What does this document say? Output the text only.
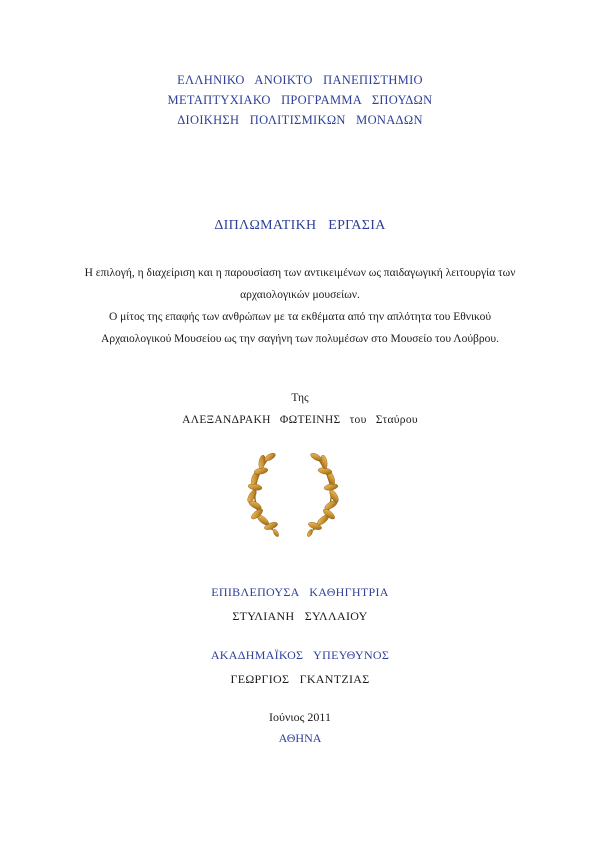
ΕΛΛΗΝΙΚΟ ΑΝΟΙΚΤΟ ΠΑΝΕΠΙΣΤΗΜΙΟ
ΜΕΤΑΠΤΥΧΙΑΚΟ ΠΡΟΓΡΑΜΜΑ ΣΠΟΥΔΩΝ
ΔΙΟΙΚΗΣΗ ΠΟΛΙΤΙΣΜΙΚΩΝ ΜΟΝΑΔΩΝ
ΔΙΠΛΩΜΑΤΙΚΗ ΕΡΓΑΣΙΑ
Η επιλογή, η διαχείριση και η παρουσίαση των αντικειμένων ως παιδαγωγική λειτουργία των
αρχαιολογικών μουσείων.
Ο μίτος της επαφής των ανθρώπων με τα εκθέματα από την απλότητα του Εθνικού
Αρχαιολογικού Μουσείου ως την σαγήνη των πολυμέσων στο Μουσείο του Λούβρου.
Της
ΑΛΕΞΑΝΔΡΑΚΗ ΦΩΤΕΙΝΗΣ του Σταύρου
ΕΠΙΒΛΕΠΟΥΣΑ ΚΑΘΗΓΗΤΡΙΑ
ΣΤΥΛΙΑΝΗ ΣΥΛΛΑΙΟΥ
ΑΚΑΔΗΜΑΪΚΟΣ ΥΠΕΥΘΥΝΟΣ
ΓΕΩΡΓΙΟΣ ΓΚΑΝΤΖΙΑΣ
Ιούνιος 2011
ΑΘΗΝΑ
